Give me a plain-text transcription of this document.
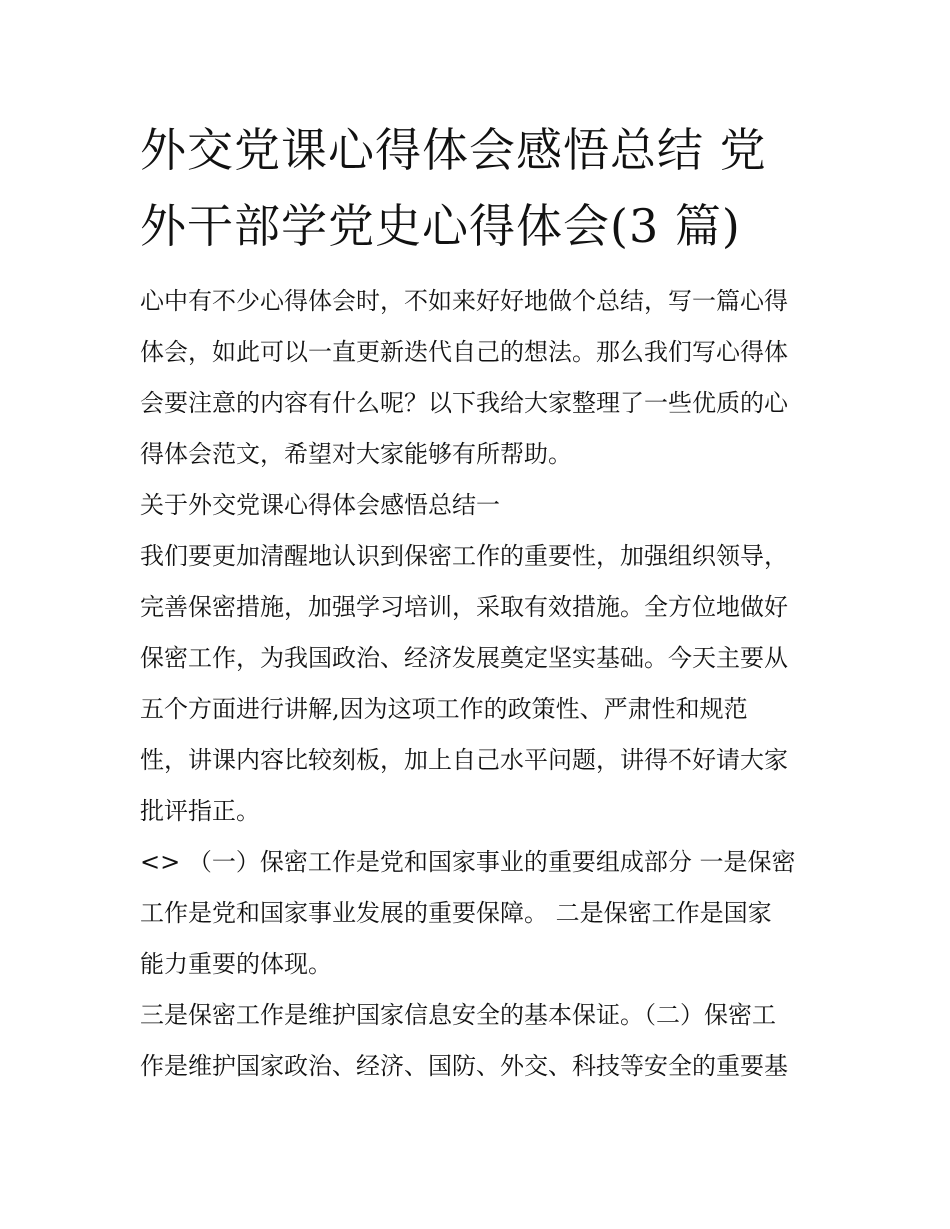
外交党课心得体会感悟总结 党
外干部学党史心得体会(3 篇)

心中有不少心得体会时，不如来好好地做个总结，写一篇心得
体会，如此可以一直更新迭代自己的想法。那么我们写心得体
会要注意的内容有什么呢？以下我给大家整理了一些优质的心
得体会范文，希望对大家能够有所帮助。

关于外交党课心得体会感悟总结一

我们要更加清醒地认识到保密工作的重要性，加强组织领导，
完善保密措施，加强学习培训，采取有效措施。全方位地做好
保密工作，为我国政治、经济发展奠定坚实基础。今天主要从
五个方面进行讲解,因为这项工作的政策性、严肃性和规范
性，讲课内容比较刻板，加上自己水平问题，讲得不好请大家
批评指正。

<> （一）保密工作是党和国家事业的重要组成部分 一是保密
工作是党和国家事业发展的重要保障。 二是保密工作是国家
能力重要的体现。

三是保密工作是维护国家信息安全的基本保证。（二）保密工
作是维护国家政治、经济、国防、外交、科技等安全的重要基
